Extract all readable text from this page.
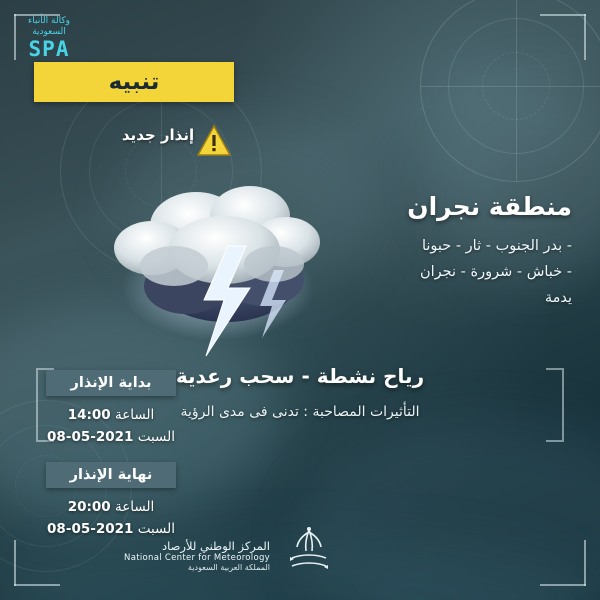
وكالة الأنباء السعودية
SPA
تنبيه
إنذار جديد
منطقة نجران
- بدر الجنوب - ثار - حبونا
- خباش - شرورة - نجران
يدمة
رياح نشطة - سحب رعدية
التأثيرات المصاحبة : تدنى فى مدى الرؤية
بداية الإنذار
الساعة 14:00
السبت 2021-05-08
نهاية الإنذار
الساعة 20:00
السبت 2021-05-08
المركز الوطني للأرصاد
National Center for Meteorology
المملكة العربية السعودية
